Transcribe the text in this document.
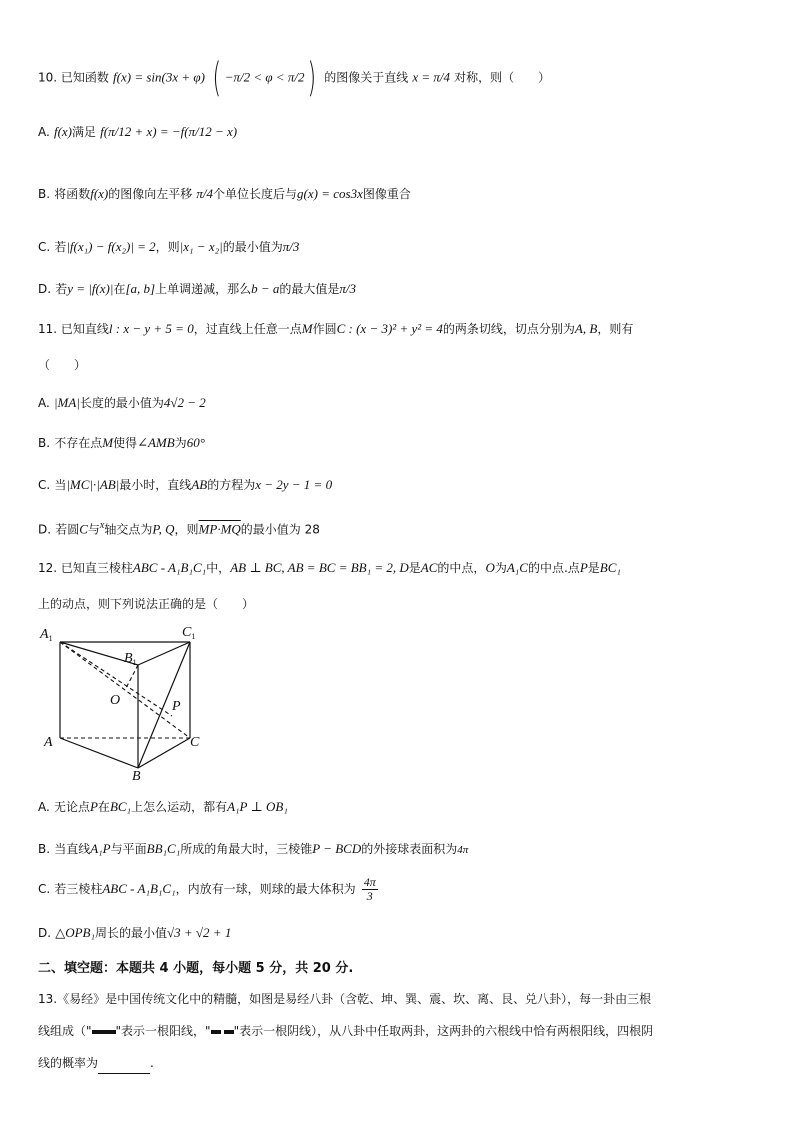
10. 已知函数 f(x) = sin(3x + φ) ( −π/2 < φ < π/2) 的图像关于直线 x = π/4 对称，则（　　）
A. f(x)满足 f(π/12 + x) = −f(π/12 − x)
B. 将函数f(x)的图像向左平移 π/4个单位长度后与g(x) = cos3x图像重合
C. 若|f(x₁) − f(x₂)| = 2，则|x₁ − x₂|的最小值为π/3
D. 若y = |f(x)|在[a, b]上单调递减，那么b − a的最大值是π/3
11. 已知直线l : x − y + 5 = 0，过直线上任意一点M作圆C : (x − 3)² + y² = 4的两条切线，切点分别为A, B，则有
（　　）
A. |MA|长度的最小值为4√2 − 2
B. 不存在点M使得∠AMB为60°
C. 当|MC|·|AB|最小时，直线AB的方程为x − 2y − 1 = 0
D. 若圆C与$^x$轴交点为P, Q，则MP·MQ的最小值为 28
12. 已知直三棱柱ABC - A₁B₁C₁中，AB ⊥ BC, AB = BC = BB₁ = 2, D是AC的中点，O为A₁C的中点.点P是BC₁
上的动点，则下列说法正确的是（　　）
$A_1$	$C_1$
$B_1$
O	P
A	C
B
A. 无论点P在BC₁上怎么运动，都有A₁P ⊥ OB₁
B. 当直线A₁P与平面BB₁C₁所成的角最大时，三棱锥P − BCD的外接球表面积为4π
C. 若三棱柱ABC - A₁B₁C₁，内放有一球，则球的最大体积为 $\frac{4\pi}{3}$
D. △OPB₁周长的最小值√3 + √2 + 1
二、填空题：本题共 4 小题，每小题 5 分，共 20 分.
13.《易经》是中国传统文化中的精髓，如图是易经八卦（含乾、坤、巽、震、坎、离、艮、兑八卦），每一卦由三根
线组成（" "表示一根阳线，" "表示一根阴线），从八卦中任取两卦，这两卦的六根线中恰有两根阳线，四根阴
线的概率为	.
